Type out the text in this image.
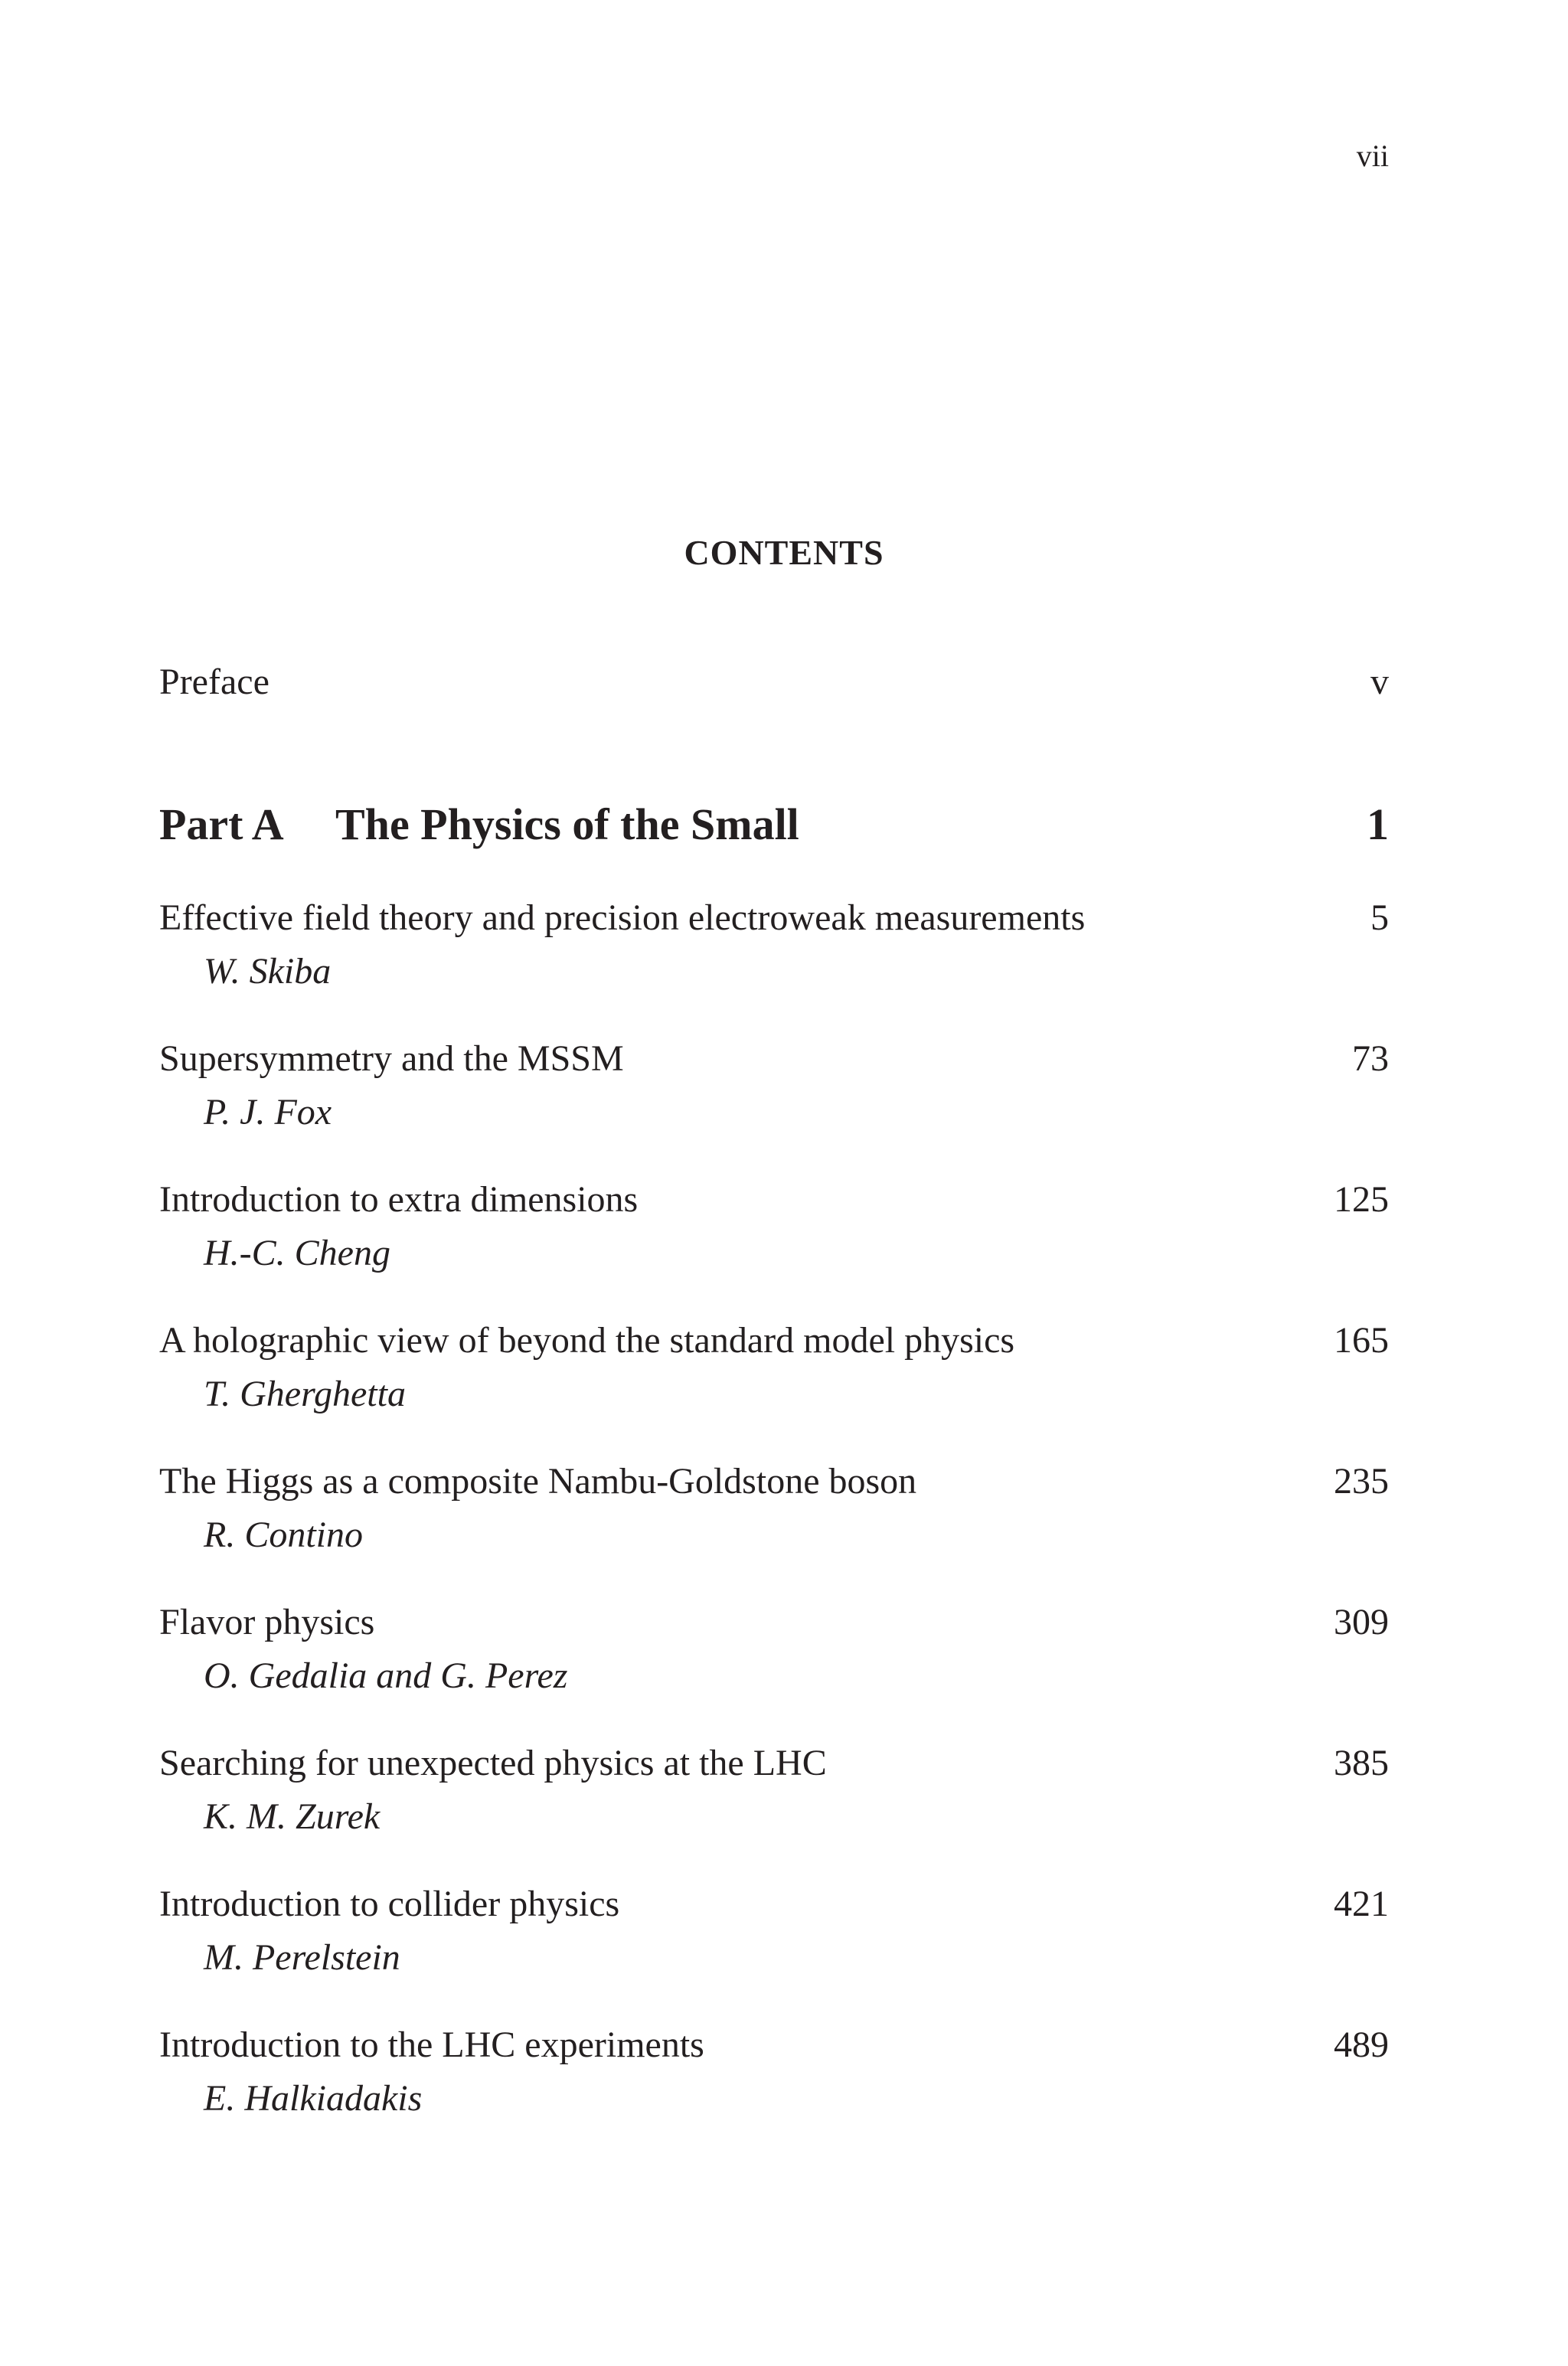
vii
CONTENTS
Preface	v
Part A The Physics of the Small	1
Effective field theory and precision electroweak measurements	5
W. Skiba
Supersymmetry and the MSSM	73
P. J. Fox
Introduction to extra dimensions	125
H.-C. Cheng
A holographic view of beyond the standard model physics	165
T. Gherghetta
The Higgs as a composite Nambu-Goldstone boson	235
R. Contino
Flavor physics	309
O. Gedalia and G. Perez
Searching for unexpected physics at the LHC	385
K. M. Zurek
Introduction to collider physics	421
M. Perelstein
Introduction to the LHC experiments	489
E. Halkiadakis
